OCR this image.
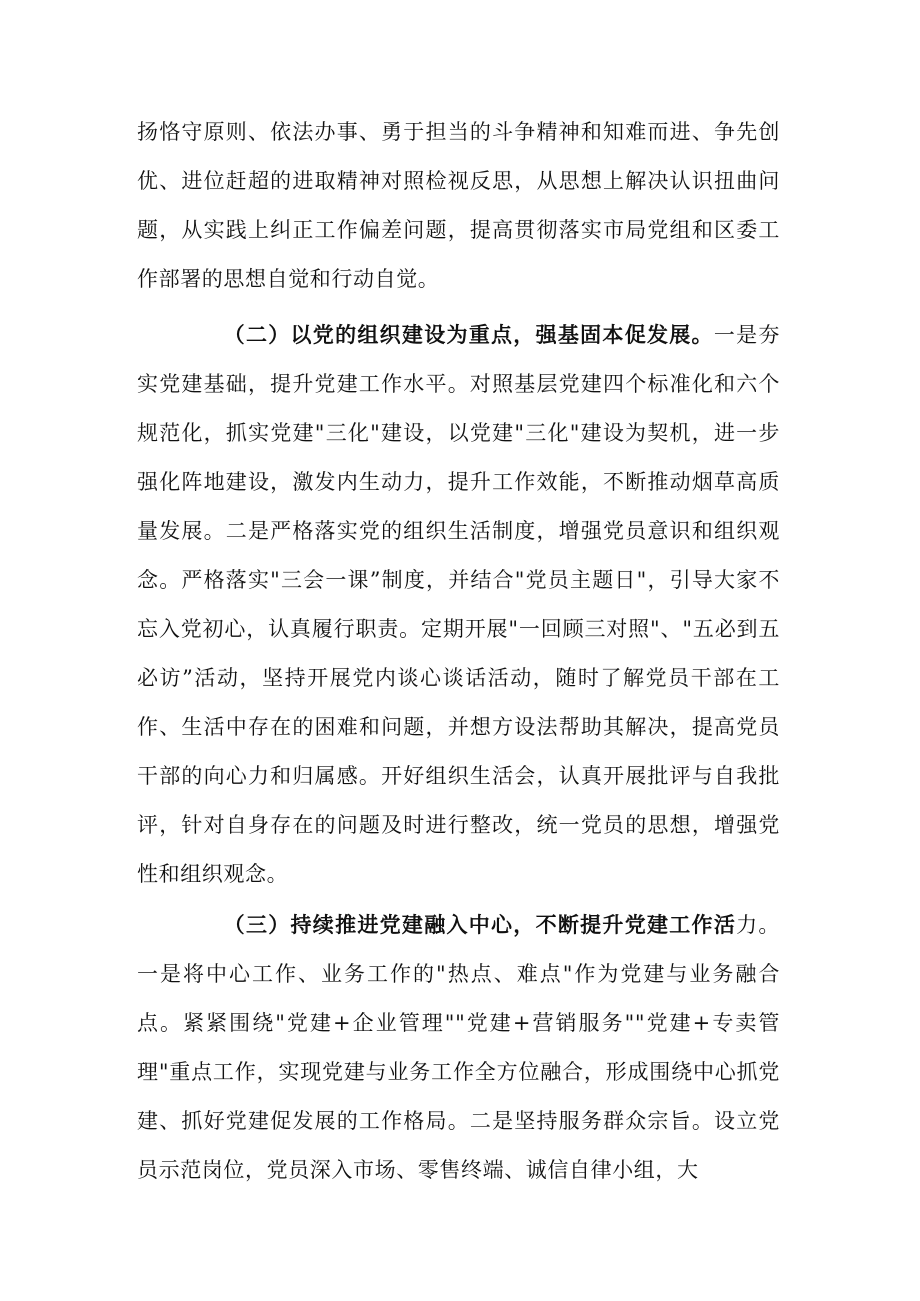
扬恪守原则、依法办事、勇于担当的斗争精神和知难而进、争先创优、进位赶超的进取精神对照检视反思，从思想上解决认识扭曲问题，从实践上纠正工作偏差问题，提高贯彻落实市局党组和区委工作部署的思想自觉和行动自觉。

（二）以党的组织建设为重点，强基固本促发展。一是夯实党建基础，提升党建工作水平。对照基层党建四个标准化和六个规范化，抓实党建"三化"建设，以党建"三化"建设为契机，进一步强化阵地建设，激发内生动力，提升工作效能，不断推动烟草高质量发展。二是严格落实党的组织生活制度，增强党员意识和组织观念。严格落实"三会一课”制度，并结合"党员主题日"，引导大家不忘入党初心，认真履行职责。定期开展"一回顾三对照"、"五必到五必访”活动，坚持开展党内谈心谈话活动，随时了解党员干部在工作、生活中存在的困难和问题，并想方设法帮助其解决，提高党员干部的向心力和归属感。开好组织生活会，认真开展批评与自我批评，针对自身存在的问题及时进行整改，统一党员的思想，增强党性和组织观念。

（三）持续推进党建融入中心，不断提升党建工作活力。一是将中心工作、业务工作的"热点、难点"作为党建与业务融合点。紧紧围绕"党建+企业管理""党建+营销服务""党建+专卖管理"重点工作，实现党建与业务工作全方位融合，形成围绕中心抓党建、抓好党建促发展的工作格局。二是坚持服务群众宗旨。设立党员示范岗位，党员深入市场、零售终端、诚信自律小组，大
